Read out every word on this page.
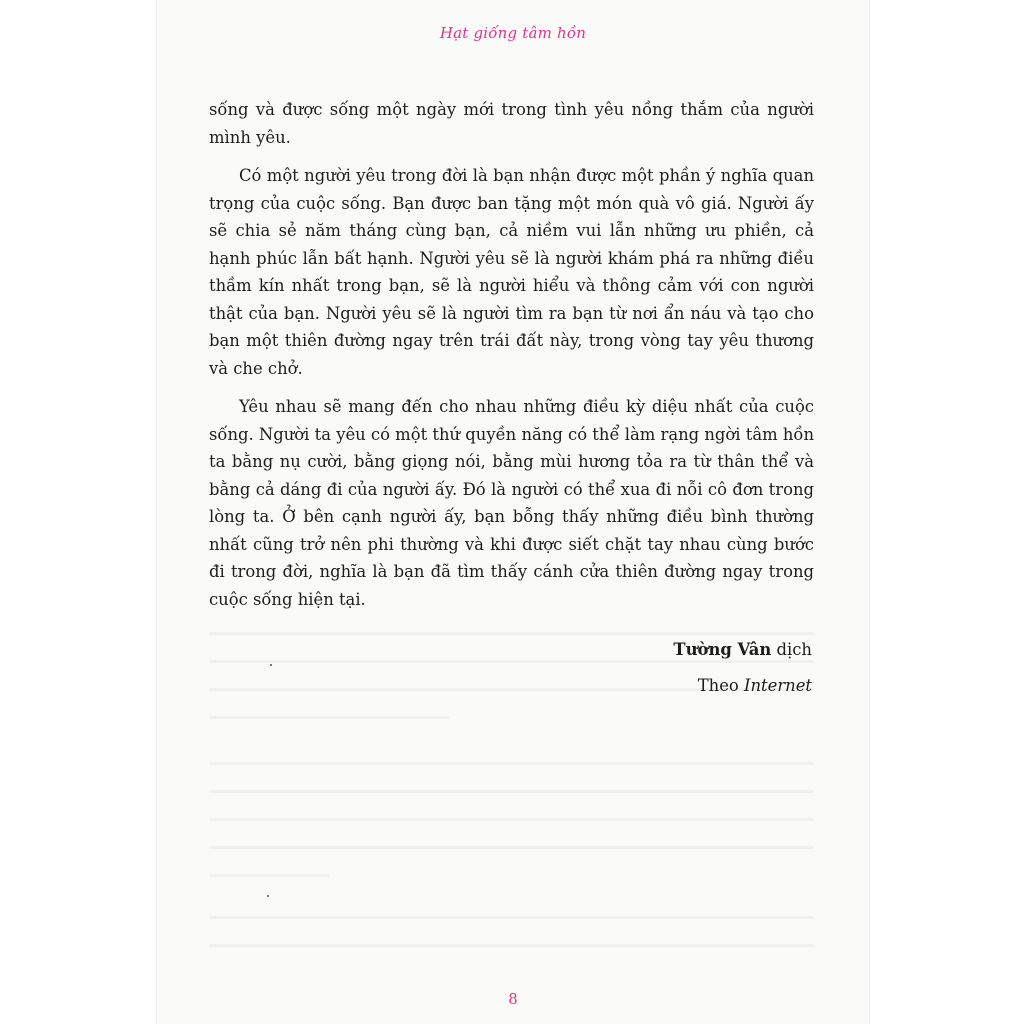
Hạt giống tâm hồn

sống và được sống một ngày mới trong tình yêu nồng thắm của người mình yêu.

Có một người yêu trong đời là bạn nhận được một phần ý nghĩa quan trọng của cuộc sống. Bạn được ban tặng một món quà vô giá. Người ấy sẽ chia sẻ năm tháng cùng bạn, cả niềm vui lẫn những ưu phiền, cả hạnh phúc lẫn bất hạnh. Người yêu sẽ là người khám phá ra những điều thầm kín nhất trong bạn, sẽ là người hiểu và thông cảm với con người thật của bạn. Người yêu sẽ là người tìm ra bạn từ nơi ẩn náu và tạo cho bạn một thiên đường ngay trên trái đất này, trong vòng tay yêu thương và che chở.

Yêu nhau sẽ mang đến cho nhau những điều kỳ diệu nhất của cuộc sống. Người ta yêu có một thứ quyền năng có thể làm rạng ngời tâm hồn ta bằng nụ cười, bằng giọng nói, bằng mùi hương tỏa ra từ thân thể và bằng cả dáng đi của người ấy. Đó là người có thể xua đi nỗi cô đơn trong lòng ta. Ở bên cạnh người ấy, bạn bỗng thấy những điều bình thường nhất cũng trở nên phi thường và khi được siết chặt tay nhau cùng bước đi trong đời, nghĩa là bạn đã tìm thấy cánh cửa thiên đường ngay trong cuộc sống hiện tại.

Tường Vân dịch
Theo Internet
8
